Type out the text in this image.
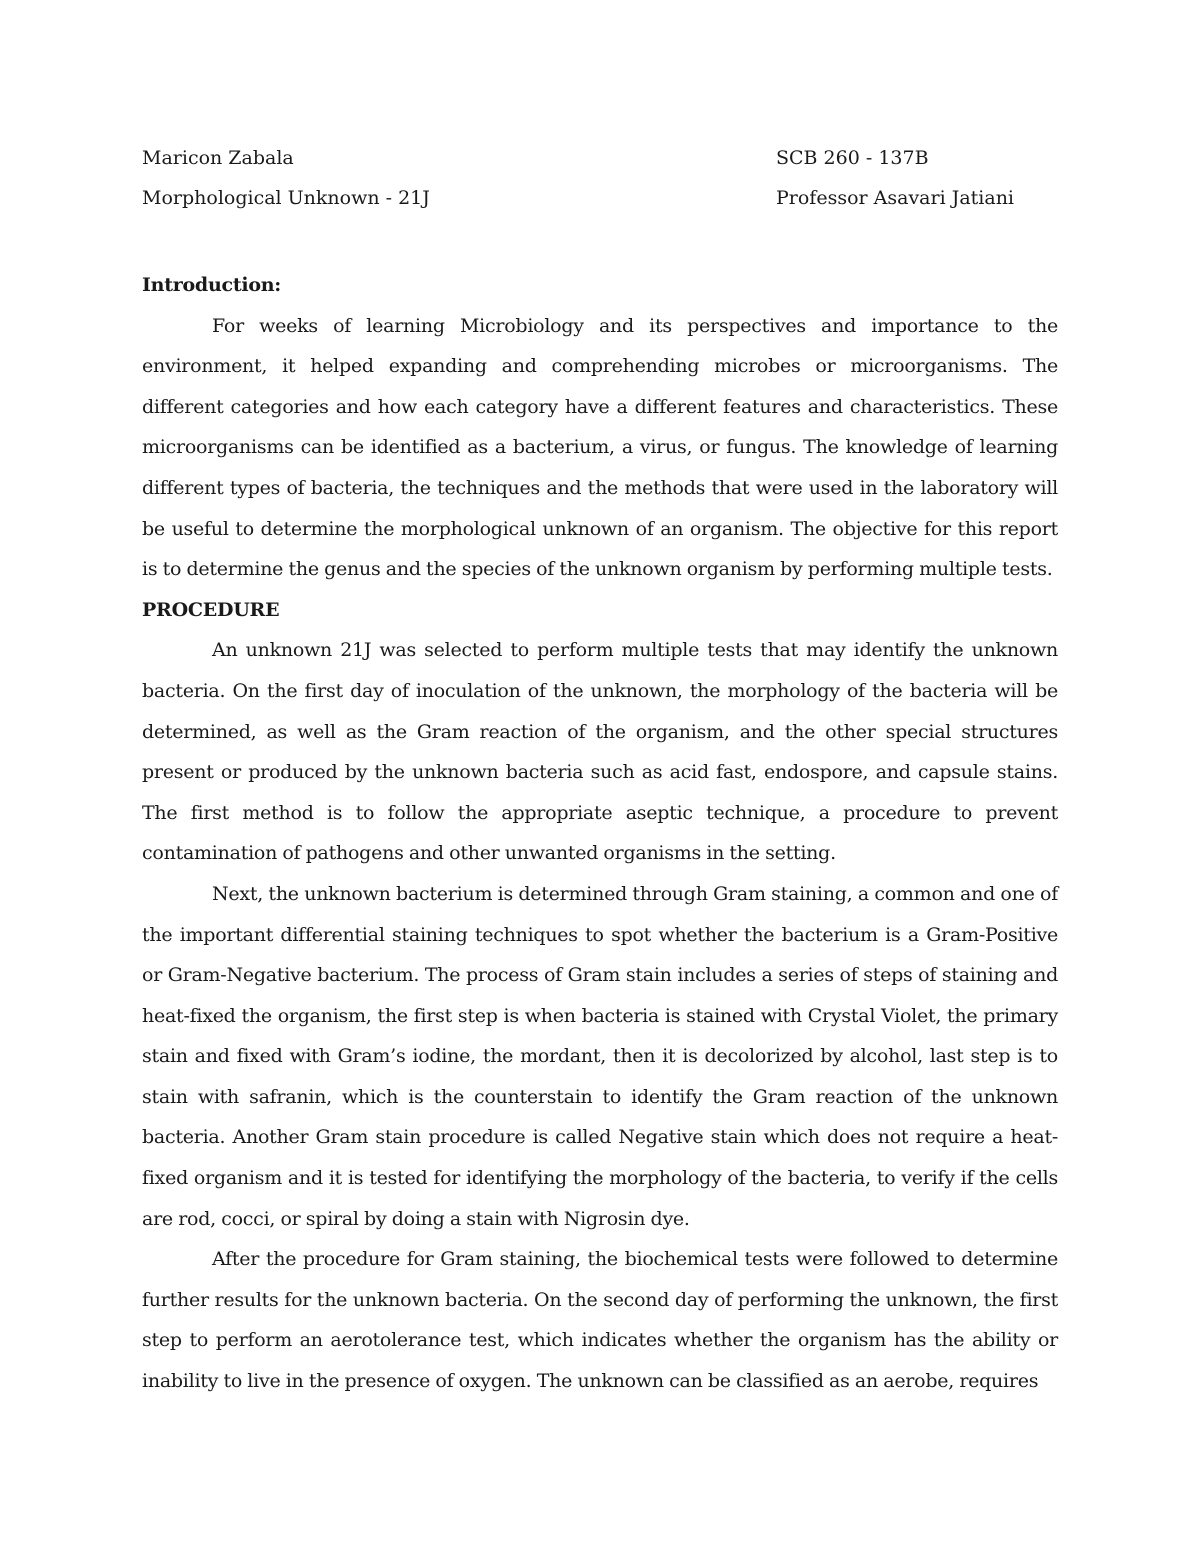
Maricon Zabala	SCB 260 - 137B
Morphological Unknown - 21J	Professor Asavari Jatiani

Introduction:

For weeks of learning Microbiology and its perspectives and importance to the environment, it helped expanding and comprehending microbes or microorganisms. The different categories and how each category have a different features and characteristics. These microorganisms can be identified as a bacterium, a virus, or fungus. The knowledge of learning different types of bacteria, the techniques and the methods that were used in the laboratory will be useful to determine the morphological unknown of an organism. The objective for this report is to determine the genus and the species of the unknown organism by performing multiple tests.

PROCEDURE

An unknown 21J was selected to perform multiple tests that may identify the unknown bacteria. On the first day of inoculation of the unknown, the morphology of the bacteria will be determined, as well as the Gram reaction of the organism, and the other special structures present or produced by the unknown bacteria such as acid fast, endospore, and capsule stains. The first method is to follow the appropriate aseptic technique, a procedure to prevent contamination of pathogens and other unwanted organisms in the setting.

Next, the unknown bacterium is determined through Gram staining, a common and one of the important differential staining techniques to spot whether the bacterium is a Gram-Positive or Gram-Negative bacterium. The process of Gram stain includes a series of steps of staining and heat-fixed the organism, the first step is when bacteria is stained with Crystal Violet, the primary stain and fixed with Gram’s iodine, the mordant, then it is decolorized by alcohol, last step is to stain with safranin, which is the counterstain to identify the Gram reaction of the unknown bacteria. Another Gram stain procedure is called Negative stain which does not require a heat-fixed organism and it is tested for identifying the morphology of the bacteria, to verify if the cells are rod, cocci, or spiral by doing a stain with Nigrosin dye.

After the procedure for Gram staining, the biochemical tests were followed to determine further results for the unknown bacteria. On the second day of performing the unknown, the first step to perform an aerotolerance test, which indicates whether the organism has the ability or inability to live in the presence of oxygen. The unknown can be classified as an aerobe, requires
